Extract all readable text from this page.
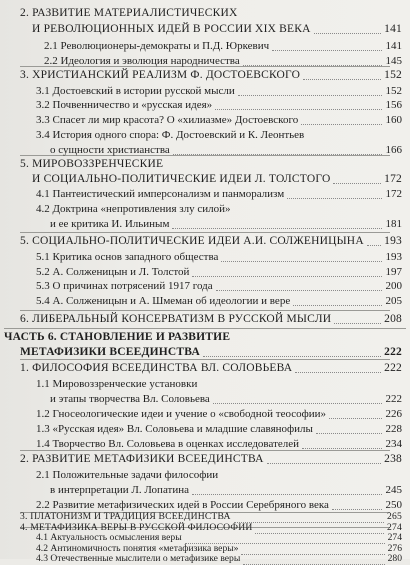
2. РАЗВИТИЕ МАТЕРИАЛИСТИЧЕСКИХ
И РЕВОЛЮЦИОННЫХ ИДЕЙ В РОССИИ XIX ВЕКА	141
2.1 Революционеры-демократы и П.Д. Юркевич	141
2.2 Идеология и эволюция народничества	145
3. ХРИСТИАНСКИЙ РЕАЛИЗМ Ф. ДОСТОЕВСКОГО	152
3.1 Достоевский в истории русской мысли	152
3.2 Почвенничество и «русская идея»	156
3.3 Спасет ли мир красота? О «хилиазме» Достоевского	160
3.4 История одного спора: Ф. Достоевский и К. Леонтьев
о сущности христианства	166
5. МИРОВОЗЗРЕНЧЕСКИЕ
И СОЦИАЛЬНО-ПОЛИТИЧЕСКИЕ ИДЕИ Л. ТОЛСТОГО	172
4.1 Пантеистический имперсонализм и панморализм	172
4.2 Доктрина «непротивления злу силой»
и ее критика И. Ильиным	181
5. СОЦИАЛЬНО-ПОЛИТИЧЕСКИЕ ИДЕИ А.И. СОЛЖЕНИЦЫНА 193
5.1 Критика основ западного общества	193
5.2 А. Солженицын и Л. Толстой	197
5.3 О причинах потрясений 1917 года	200
5.4 А. Солженицын и А. Шмеман об идеологии и вере	205
6. ЛИБЕРАЛЬНЫЙ КОНСЕРВАТИЗМ В РУССКОЙ МЫСЛИ	208
ЧАСТЬ 6. СТАНОВЛЕНИЕ И РАЗВИТИЕ
МЕТАФИЗИКИ ВСЕЕДИНСТВА	222
1. ФИЛОСОФИЯ ВСЕЕДИНСТВА ВЛ. СОЛОВЬЕВА	222
1.1 Мировоззренческие установки
и этапы творчества Вл. Соловьева	222
1.2 Гносеологические идеи и учение о «свободной теософии»	226
1.3 «Русская идея» Вл. Соловьева и младшие славянофилы	228
1.4 Творчество Вл. Соловьева в оценках исследователей	234
2. РАЗВИТИЕ МЕТАФИЗИКИ ВСЕЕДИНСТВА	238
2.1 Положительные задачи философии
в интерпретации Л. Лопатина	245
2.2 Развитие метафизических идей в России Серебряного века	250
3. ПЛАТОНИЗМ И ТРАДИЦИЯ ВСЕЕДИНСТВА	265
4. МЕТАФИЗИКА ВЕРЫ В РУССКОЙ ФИЛОСОФИИ	274
4.1 Актуальность осмысления веры	274
4.2 Антиномичность понятия «метафизика веры»	276
4.3 Отечественные мыслители о метафизике веры	280
